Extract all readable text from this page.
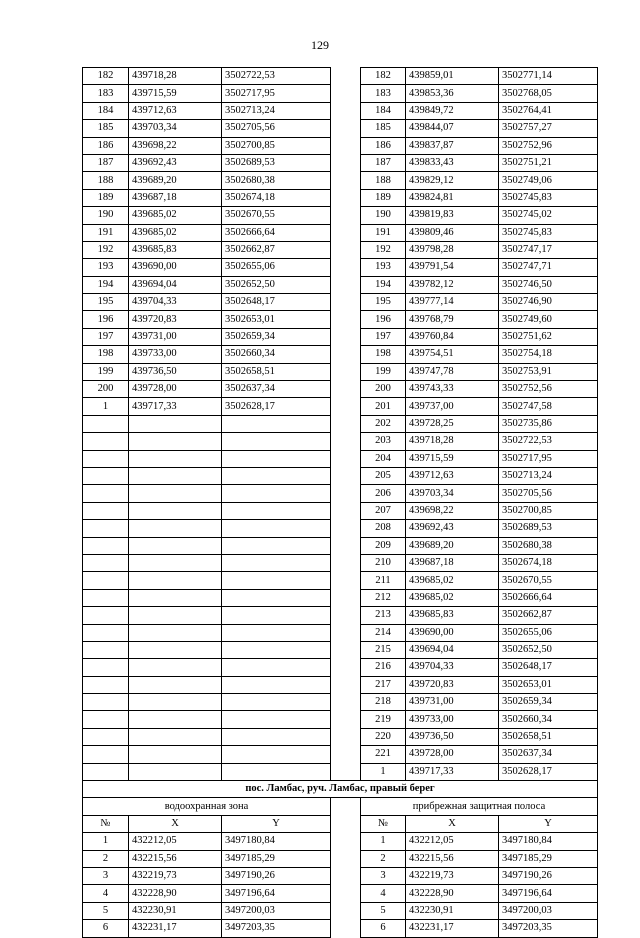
129
182	439718,28	3502722,53		182	439859,01	3502771,14
183	439715,59	3502717,95		183	439853,36	3502768,05
184	439712,63	3502713,24		184	439849,72	3502764,41
185	439703,34	3502705,56		185	439844,07	3502757,27
186	439698,22	3502700,85		186	439837,87	3502752,96
187	439692,43	3502689,53		187	439833,43	3502751,21
188	439689,20	3502680,38		188	439829,12	3502749,06
189	439687,18	3502674,18		189	439824,81	3502745,83
190	439685,02	3502670,55		190	439819,83	3502745,02
191	439685,02	3502666,64		191	439809,46	3502745,83
192	439685,83	3502662,87		192	439798,28	3502747,17
193	439690,00	3502655,06		193	439791,54	3502747,71
194	439694,04	3502652,50		194	439782,12	3502746,50
195	439704,33	3502648,17		195	439777,14	3502746,90
196	439720,83	3502653,01		196	439768,79	3502749,60
197	439731,00	3502659,34		197	439760,84	3502751,62
198	439733,00	3502660,34		198	439754,51	3502754,18
199	439736,50	3502658,51		199	439747,78	3502753,91
200	439728,00	3502637,34		200	439743,33	3502752,56
1	439717,33	3502628,17		201	439737,00	3502747,58
				202	439728,25	3502735,86
				203	439718,28	3502722,53
				204	439715,59	3502717,95
				205	439712,63	3502713,24
				206	439703,34	3502705,56
				207	439698,22	3502700,85
				208	439692,43	3502689,53
				209	439689,20	3502680,38
				210	439687,18	3502674,18
				211	439685,02	3502670,55
				212	439685,02	3502666,64
				213	439685,83	3502662,87
				214	439690,00	3502655,06
				215	439694,04	3502652,50
				216	439704,33	3502648,17
				217	439720,83	3502653,01
				218	439731,00	3502659,34
				219	439733,00	3502660,34
				220	439736,50	3502658,51
				221	439728,00	3502637,34
				1	439717,33	3502628,17
пос. Ламбас, руч. Ламбас, правый берег						
водоохранная зона				прибрежная защитная полоса		
№	X	Y		№	X	Y
1	432212,05	3497180,84		1	432212,05	3497180,84
2	432215,56	3497185,29		2	432215,56	3497185,29
3	432219,73	3497190,26		3	432219,73	3497190,26
4	432228,90	3497196,64		4	432228,90	3497196,64
5	432230,91	3497200,03		5	432230,91	3497200,03
6	432231,17	3497203,35		6	432231,17	3497203,35
